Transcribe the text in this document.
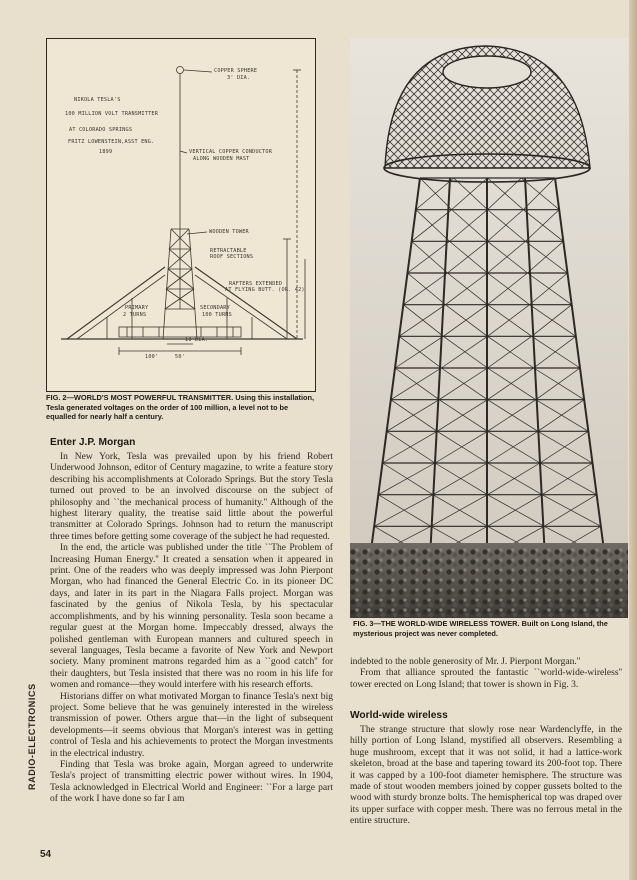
NIKOLA TESLA'S
100 MILLION VOLT TRANSMITTER
AT COLORADO SPRINGS
FRITZ LOWENSTEIN,ASST ENG.
1899
COPPER SPHERE
3' DIA.
VERTICAL COPPER CONDUCTOR
ALONG WOODEN MAST
WOODEN TOWER
RETRACTABLE
ROOF SECTIONS
RAFTERS EXTENDED
AT FLYING BUTT. (OR. 42)
PRIMARY
2 TURNS
SECONDARY
100 TURNS
100'	50'
10 DIA.
FIG. 2—WORLD'S MOST POWERFUL TRANSMITTER. Using this installation, Tesla generated voltages on the order of 100 million, a level not to be equalled for nearly half a century.
FIG. 3—THE WORLD-WIDE WIRELESS TOWER. Built on Long Island, the mysterious project was never completed.
Enter J.P. Morgan

In New York, Tesla was prevailed upon by his friend Robert Underwood Johnson, editor of Century magazine, to write a feature story describing his accomplishments at Colorado Springs. But the story Tesla turned out proved to be an involved discourse on the subject of philosophy and ``the mechanical process of humanity.'' Although of the highest literary quality, the treatise said little about the powerful transmitter at Colorado Springs. Johnson had to return the manuscript three times before getting some coverage of the subject he had requested.

In the end, the article was published under the title ``The Problem of Increasing Human Energy.'' It created a sensation when it appeared in print. One of the readers who was deeply impressed was John Pierpont Morgan, who had financed the General Electric Co. in its pioneer DC days, and later in its part in the Niagara Falls project. Morgan was fascinated by the genius of Nikola Tesla, by his spectacular accomplishments, and by his winning personality. Tesla soon became a regular guest at the Morgan home. Impeccably dressed, always the polished gentleman with European manners and cultured speech in several languages, Tesla became a favorite of New York and Newport society. Many prominent matrons regarded him as a ``good catch'' for their daughters, but Tesla insisted that there was no room in his life for women and romance—they would interfere with his research efforts.

Historians differ on what motivated Morgan to finance Tesla's next big project. Some believe that he was genuinely interested in the wireless transmission of power. Others argue that—in the light of subsequent developments—it seems obvious that Morgan's interest was in getting control of Tesla and his achievements to protect the Morgan investments in the electrical industry.

Finding that Tesla was broke again, Morgan agreed to underwrite Tesla's project of transmitting electric power without wires. In 1904, Tesla acknowledged in Electrical World and Engineer: ``For a large part of the work I have done so far I am

indebted to the noble generosity of Mr. J. Pierpont Morgan.''

From that alliance sprouted the fantastic ``world-wide-wireless'' tower erected on Long Island; that tower is shown in Fig. 3.

World-wide wireless

The strange structure that slowly rose near Wardenclyffe, in the hilly portion of Long Island, mystified all observers. Resembling a huge mushroom, except that it was not solid, it had a lattice-work skeleton, broad at the base and tapering toward its 200-foot top. There it was capped by a 100-foot diameter hemisphere. The structure was made of stout wooden members joined by copper gussets bolted to the wood with sturdy bronze bolts. The hemispherical top was draped over its upper surface with copper mesh. There was no ferrous metal in the entire structure.

RADIO-ELECTRONICS
54
